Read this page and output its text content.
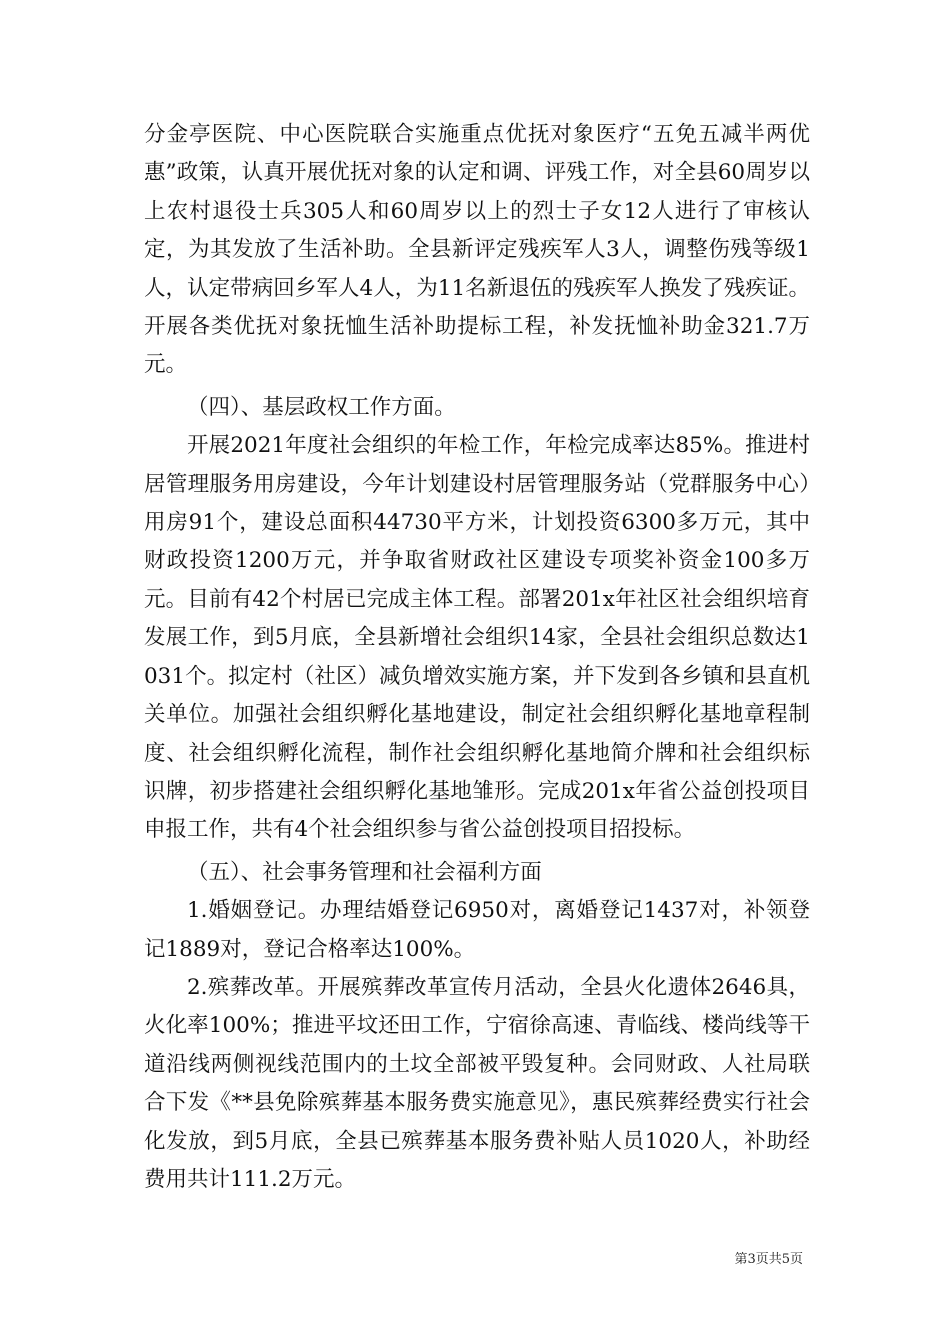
分金亭医院、中心医院联合实施重点优抚对象医疗“五免五减半两优惠”政策，认真开展优抚对象的认定和调、评残工作，对全县60周岁以上农村退役士兵305人和60周岁以上的烈士子女12人进行了审核认定，为其发放了生活补助。全县新评定残疾军人3人，调整伤残等级1人，认定带病回乡军人4人，为11名新退伍的残疾军人换发了残疾证。开展各类优抚对象抚恤生活补助提标工程，补发抚恤补助金321.7万元。

（四）、基层政权工作方面。

开展2021年度社会组织的年检工作，年检完成率达85%。推进村居管理服务用房建设，今年计划建设村居管理服务站（党群服务中心）用房91个，建设总面积44730平方米，计划投资6300多万元，其中财政投资1200万元，并争取省财政社区建设专项奖补资金100多万元。目前有42个村居已完成主体工程。部署201x年社区社会组织培育发展工作，到5月底，全县新增社会组织14家，全县社会组织总数达1031个。拟定村（社区）减负增效实施方案，并下发到各乡镇和县直机关单位。加强社会组织孵化基地建设，制定社会组织孵化基地章程制度、社会组织孵化流程，制作社会组织孵化基地简介牌和社会组织标识牌，初步搭建社会组织孵化基地雏形。完成201x年省公益创投项目申报工作，共有4个社会组织参与省公益创投项目招投标。

（五）、社会事务管理和社会福利方面

1.婚姻登记。办理结婚登记6950对，离婚登记1437对，补领登记1889对，登记合格率达100%。

2.殡葬改革。开展殡葬改革宣传月活动，全县火化遗体2646具，火化率100%；推进平坟还田工作，宁宿徐高速、青临线、楼尚线等干道沿线两侧视线范围内的土坟全部被平毁复种。会同财政、人社局联合下发《**县免除殡葬基本服务费实施意见》，惠民殡葬经费实行社会化发放，到5月底，全县已殡葬基本服务费补贴人员1020人，补助经费用共计111.2万元。

第3页共5页
